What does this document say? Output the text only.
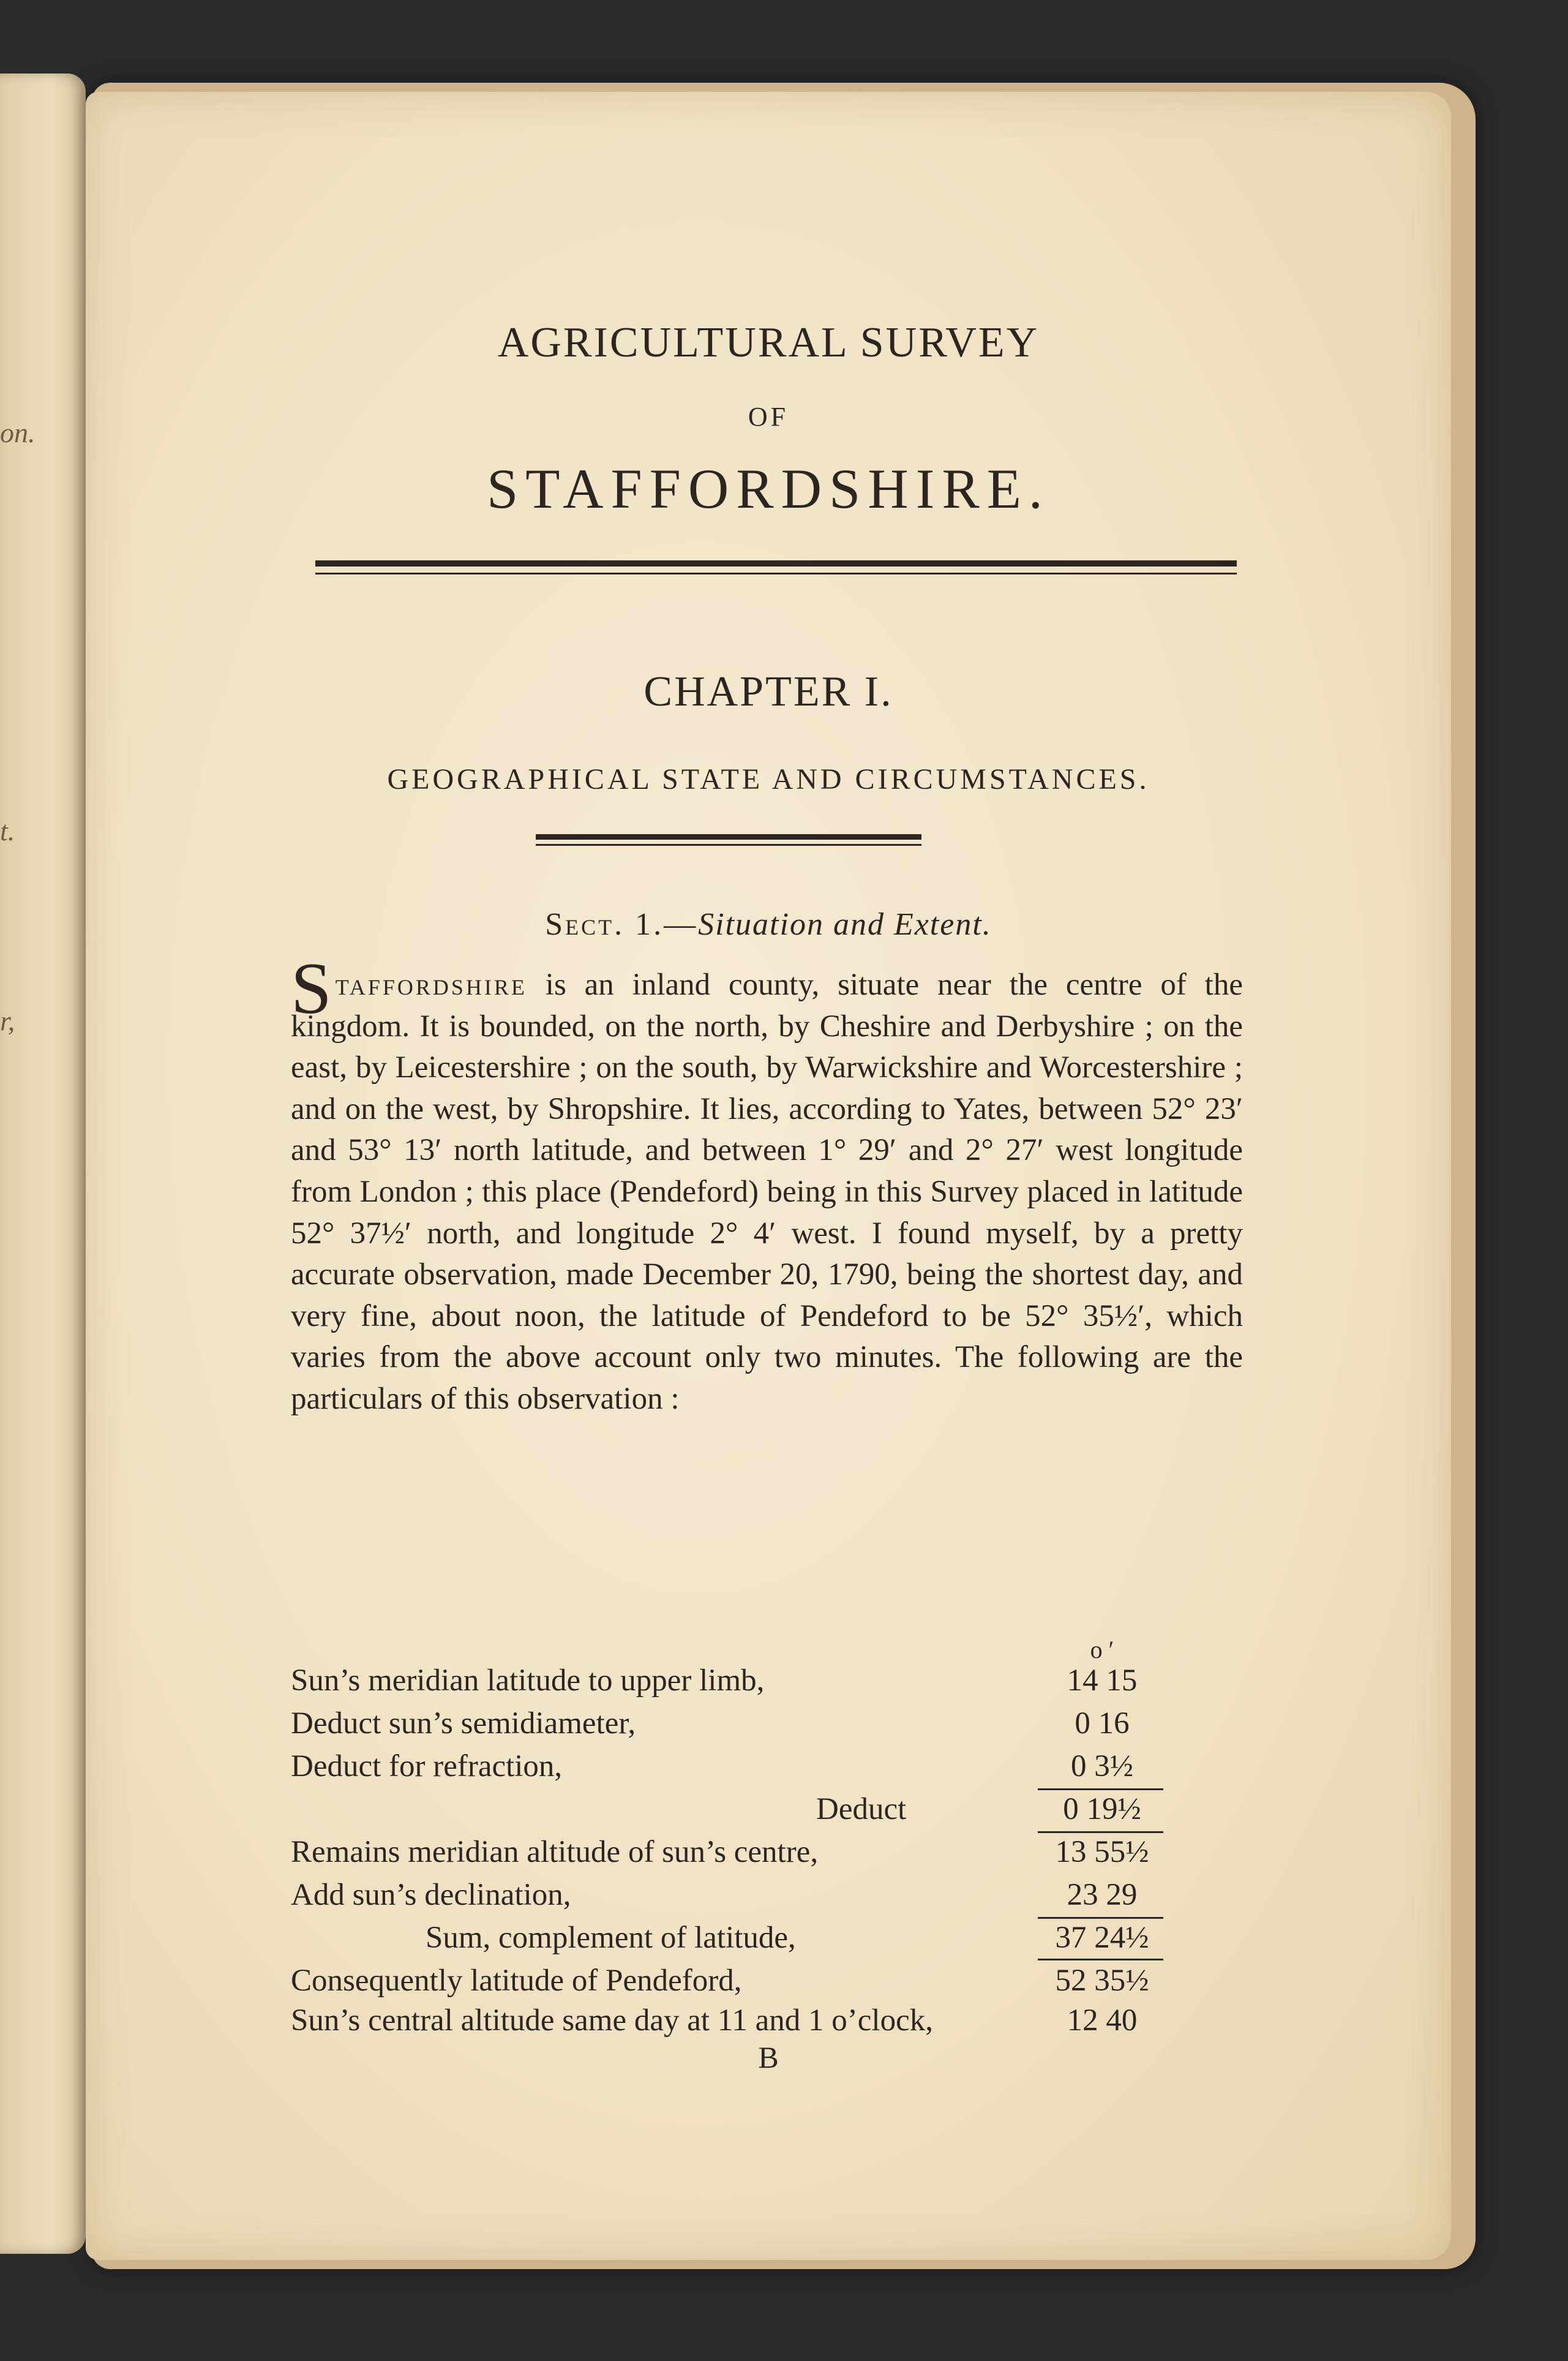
on.
t.
r,
AGRICULTURAL SURVEY
OF
STAFFORDSHIRE.
CHAPTER I.
GEOGRAPHICAL STATE AND CIRCUMSTANCES.
Sect. 1.—Situation and Extent.

Staffordshire is an inland county, situate near the centre of the kingdom. It is bounded, on the north, by Cheshire and Derbyshire ; on the east, by Leicestershire ; on the south, by Warwickshire and Worcestershire ; and on the west, by Shropshire. It lies, according to Yates, between 52° 23′ and 53° 13′ north latitude, and between 1° 29′ and 2° 27′ west longitude from London ; this place (Pendeford) being in this Survey placed in latitude 52° 37½′ north, and longitude 2° 4′ west. I found myself, by a pretty accurate observation, made December 20, 1790, being the shortest day, and very fine, about noon, the latitude of Pendeford to be 52° 35½′, which varies from the above account only two minutes. The following are the particulars of this observation :

o ′
Sun’s meridian latitude to upper limb,	14 15
Deduct sun’s semidiameter,	0 16
Deduct for refraction,	0 3½
Deduct	0 19½
Remains meridian altitude of sun’s centre,	13 55½
Add sun’s declination,	23 29
Sum, complement of latitude,	37 24½
Consequently latitude of Pendeford,	52 35½
Sun’s central altitude same day at 11 and 1 o’clock,	12 40
B
